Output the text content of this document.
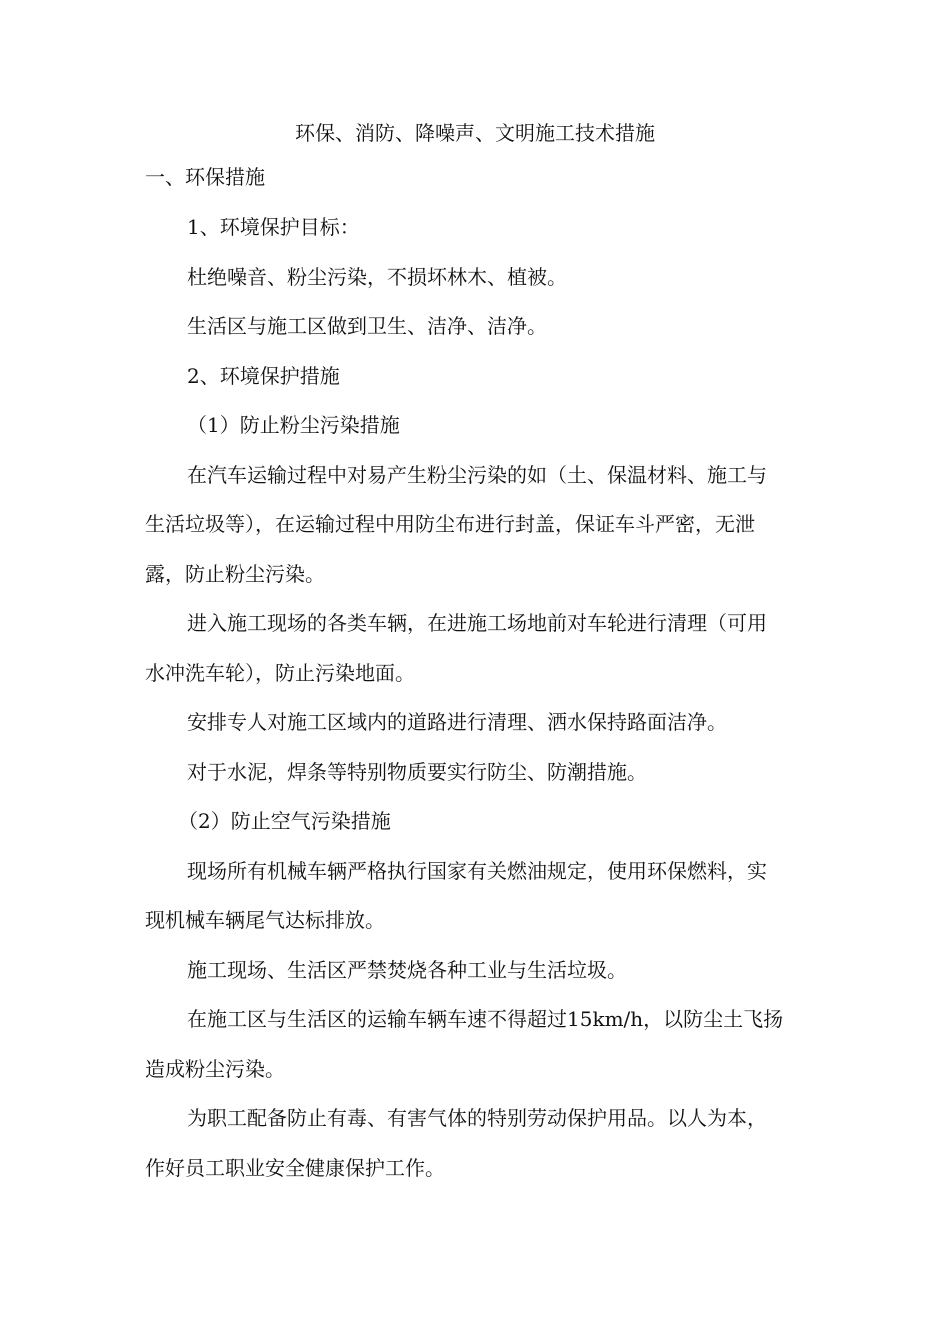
环保、消防、降噪声、文明施工技术措施
一、环保措施
1、环境保护目标：
杜绝噪音、粉尘污染，不损坏林木、植被。
生活区与施工区做到卫生、洁净、洁净。
2、环境保护措施
（1）防止粉尘污染措施
在汽车运输过程中对易产生粉尘污染的如（土、保温材料、施工与
生活垃圾等），在运输过程中用防尘布进行封盖，保证车斗严密，无泄
露，防止粉尘污染。
进入施工现场的各类车辆，在进施工场地前对车轮进行清理（可用
水冲洗车轮），防止污染地面。
安排专人对施工区域内的道路进行清理、洒水保持路面洁净。
对于水泥，焊条等特别物质要实行防尘、防潮措施。
（2）防止空气污染措施
现场所有机械车辆严格执行国家有关燃油规定，使用环保燃料，实
现机械车辆尾气达标排放。
施工现场、生活区严禁焚烧各种工业与生活垃圾。
在施工区与生活区的运输车辆车速不得超过15km/h，以防尘土飞扬
造成粉尘污染。
为职工配备防止有毒、有害气体的特别劳动保护用品。以人为本，
作好员工职业安全健康保护工作。
